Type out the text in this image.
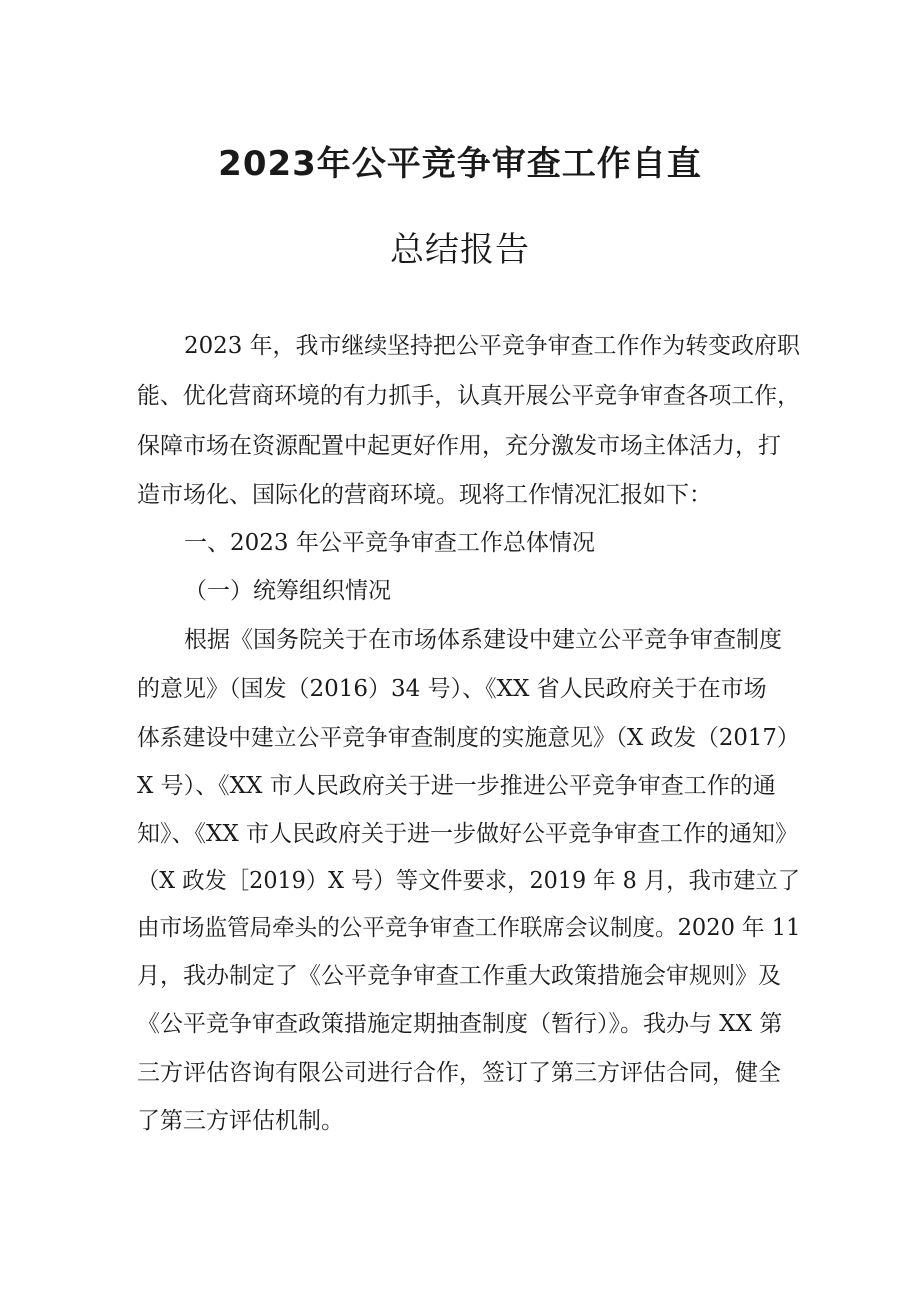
2023年公平竞争审查工作自直
总结报告
2023 年，我市继续坚持把公平竞争审查工作作为转变政府职
能、优化营商环境的有力抓手，认真开展公平竞争审查各项工作，
保障市场在资源配置中起更好作用，充分激发市场主体活力，打
造市场化、国际化的营商环境。现将工作情况汇报如下：
一、2023 年公平竞争审查工作总体情况
（一）统筹组织情况
根据《国务院关于在市场体系建设中建立公平竞争审查制度
的意见》（国发（2016）34 号）、《XX 省人民政府关于在市场
体系建设中建立公平竞争审查制度的实施意见》（X 政发（2017）
X 号）、《XX 市人民政府关于进一步推进公平竞争审查工作的通
知》、《XX 市人民政府关于进一步做好公平竞争审查工作的通知》
（X 政发［2019）X 号）等文件要求，2019 年 8 月，我市建立了
由市场监管局牵头的公平竞争审查工作联席会议制度。2020 年 11
月，我办制定了《公平竞争审查工作重大政策措施会审规则》及
《公平竞争审查政策措施定期抽查制度（暂行）》。我办与 XX 第
三方评估咨询有限公司进行合作，签订了第三方评估合同，健全
了第三方评估机制。
